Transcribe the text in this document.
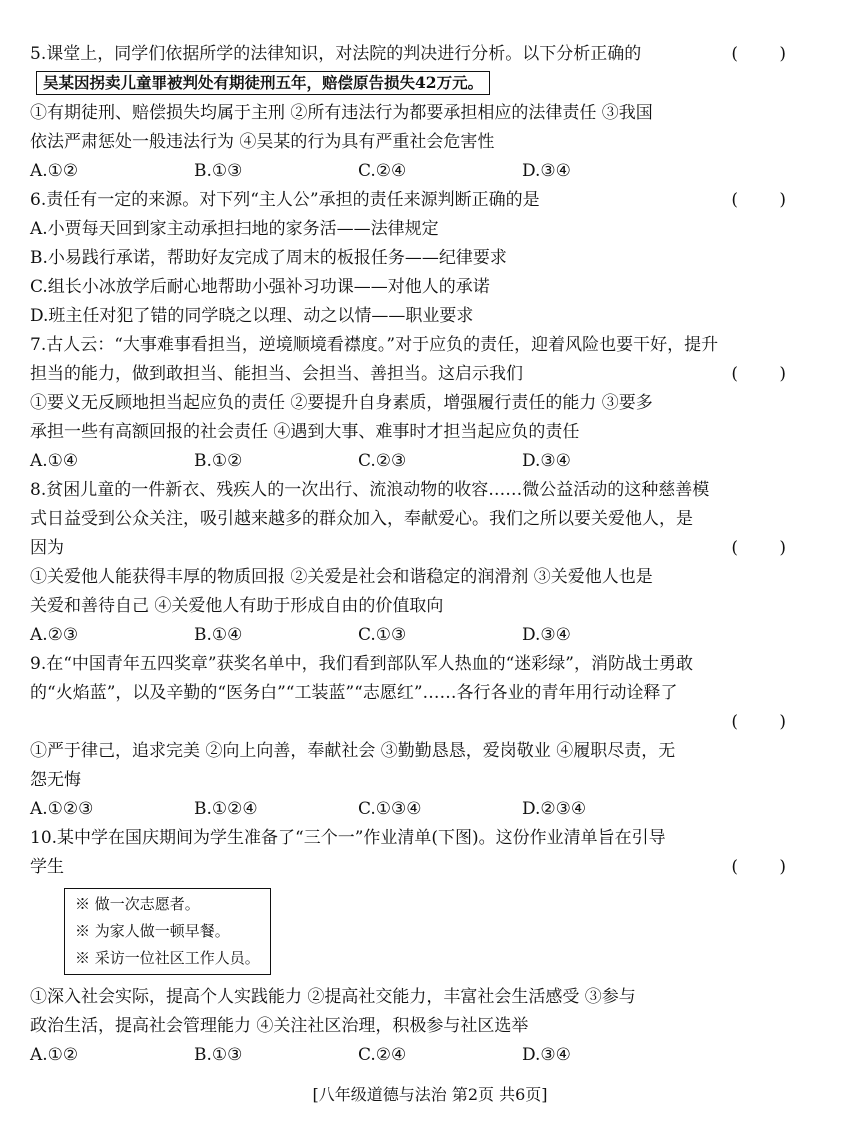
5.课堂上，同学们依据所学的法律知识，对法院的判决进行分析。以下分析正确的	( )
吴某因拐卖儿童罪被判处有期徒刑五年，赔偿原告损失42万元。
①有期徒刑、赔偿损失均属于主刑 ②所有违法行为都要承担相应的法律责任 ③我国
依法严肃惩处一般违法行为 ④吴某的行为具有严重社会危害性
A.①②	B.①③	C.②④	D.③④
6.责任有一定的来源。对下列“主人公”承担的责任来源判断正确的是	( )
A.小贾每天回到家主动承担扫地的家务活——法律规定
B.小易践行承诺，帮助好友完成了周末的板报任务——纪律要求
C.组长小冰放学后耐心地帮助小强补习功课——对他人的承诺
D.班主任对犯了错的同学晓之以理、动之以情——职业要求
7.古人云：“大事难事看担当，逆境顺境看襟度。”对于应负的责任，迎着风险也要干好，提升
担当的能力，做到敢担当、能担当、会担当、善担当。这启示我们	( )
①要义无反顾地担当起应负的责任 ②要提升自身素质，增强履行责任的能力 ③要多
承担一些有高额回报的社会责任 ④遇到大事、难事时才担当起应负的责任
A.①④	B.①②	C.②③	D.③④
8.贫困儿童的一件新衣、残疾人的一次出行、流浪动物的收容……微公益活动的这种慈善模
式日益受到公众关注，吸引越来越多的群众加入，奉献爱心。我们之所以要关爱他人，是
因为	( )
①关爱他人能获得丰厚的物质回报 ②关爱是社会和谐稳定的润滑剂 ③关爱他人也是
关爱和善待自己 ④关爱他人有助于形成自由的价值取向
A.②③	B.①④	C.①③	D.③④
9.在“中国青年五四奖章”获奖名单中，我们看到部队军人热血的“迷彩绿”，消防战士勇敢
的“火焰蓝”，以及辛勤的“医务白”“工装蓝”“志愿红”……各行各业的青年用行动诠释了
( )

①严于律己，追求完美 ②向上向善，奉献社会 ③勤勤恳恳，爱岗敬业 ④履职尽责，无
怨无悔
A.①②③	B.①②④	C.①③④	D.②③④
10.某中学在国庆期间为学生准备了“三个一”作业清单(下图)。这份作业清单旨在引导
学生	( )
※ 做一次志愿者。
※ 为家人做一顿早餐。
※ 采访一位社区工作人员。
①深入社会实际，提高个人实践能力 ②提高社交能力，丰富社会生活感受 ③参与
政治生活，提高社会管理能力 ④关注社区治理，积极参与社区选举
A.①②	B.①③	C.②④	D.③④
[八年级道德与法治 第2页 共6页]
